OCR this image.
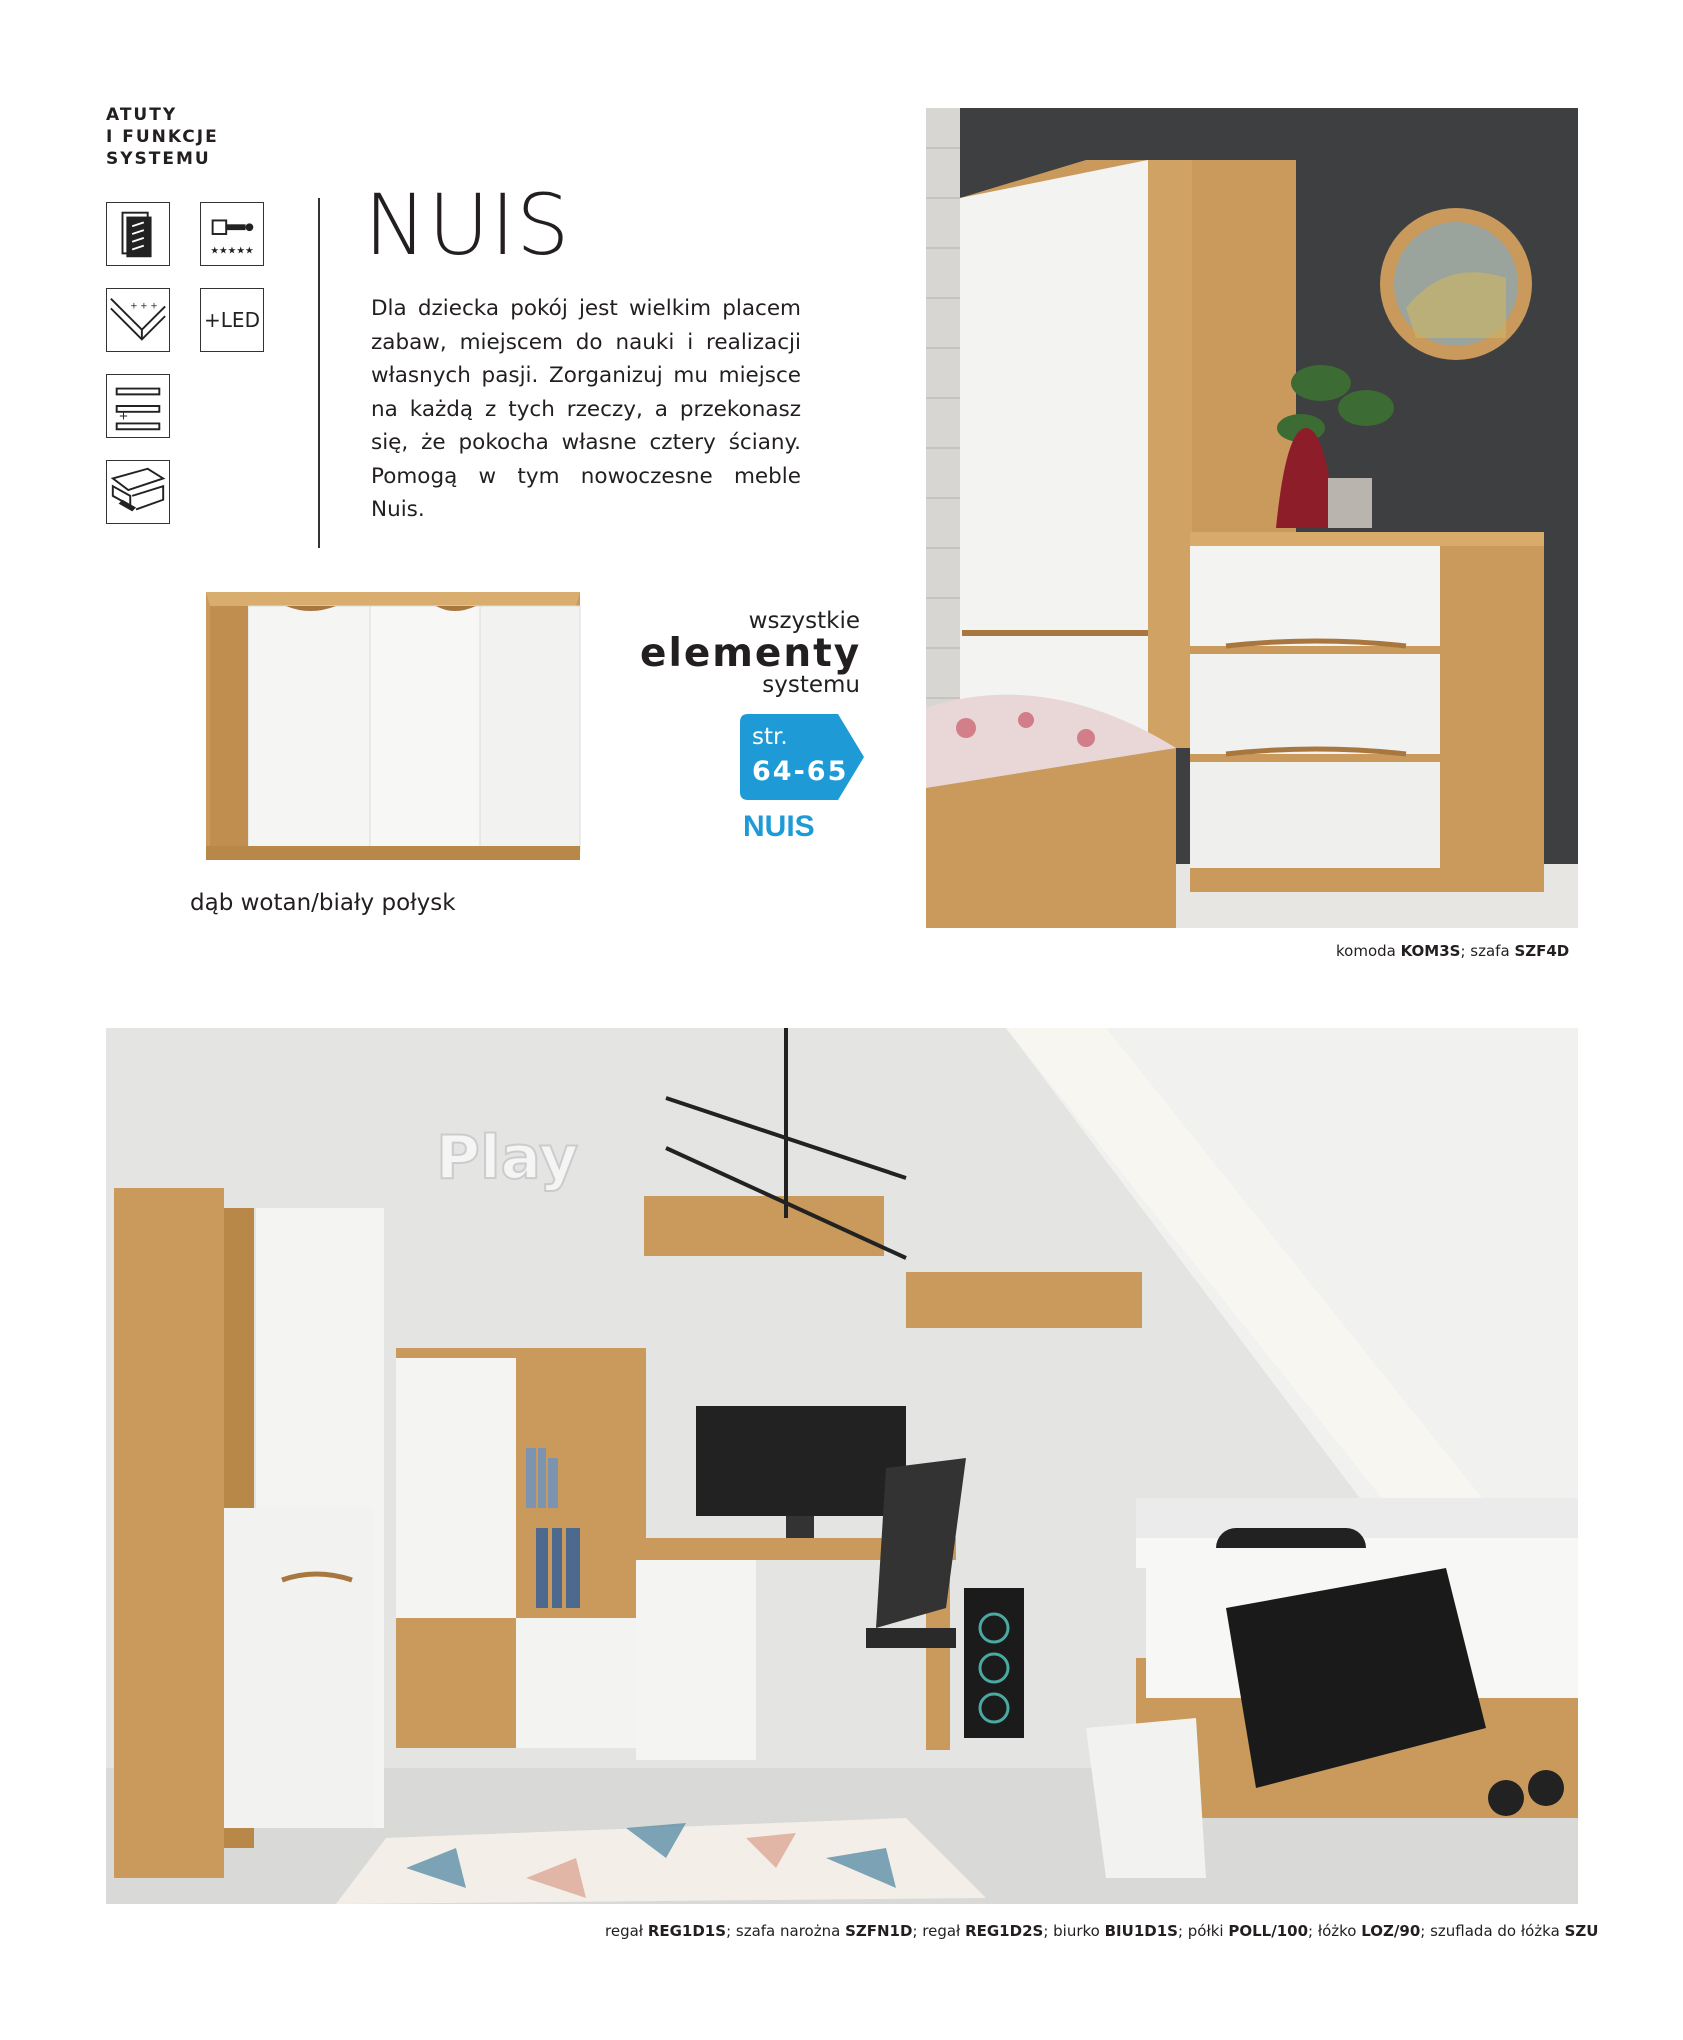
ATUTY
I FUNKCJE
SYSTEMU
★★★★★
+ + +
+LED
+
NUIS
Dla dziecka pokój jest wielkim placem zabaw, miejscem do nauki i realizacji własnych pasji. Zorganizuj mu miejsce na każdą z tych rzeczy, a przekonasz się, że pokocha własne cztery ściany. Pomogą w tym nowoczesne meble Nuis.
dąb wotan/biały połysk
wszystkie
elementy
systemu
str.
64-65
NUIS
komoda KOM3S; szafa SZF4D
Play
regał REG1D1S; szafa narożna SZFN1D; regał REG1D2S; biurko BIU1D1S; półki POLL/100; łóżko LOZ/90; szuflada do łóżka SZU
